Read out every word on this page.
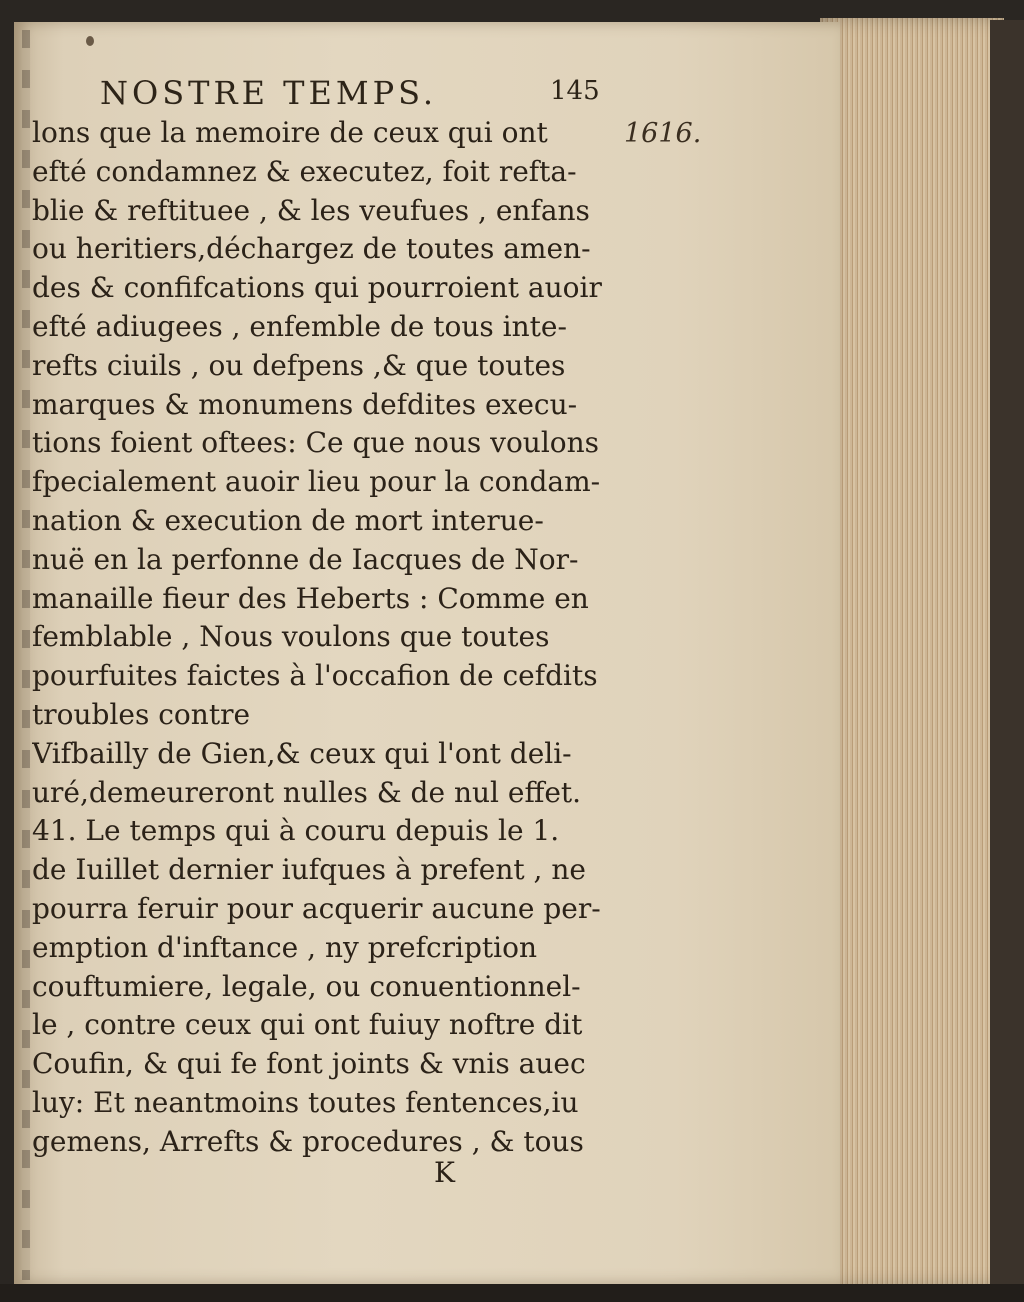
NOSTRE TEMPS.	145
1616.
lons que la memoire de ceux qui ont
efté condamnez & executez, foit refta-
blie & reftituee , & les veufues , enfans
ou heritiers,déchargez de toutes amen-
des & confifcations qui pourroient auoir
efté adiugees , enfemble de tous inte-
refts ciuils , ou defpens ,& que toutes
marques & monumens defdites execu-
tions foient oftees: Ce que nous voulons
fpecialement auoir lieu pour la condam-
nation & execution de mort interue-
nuë en la perfonne de Iacques de Nor-
manaille fieur des Heberts : Comme en
femblable , Nous voulons que toutes
pourfuites faictes à l'occafion de cefdits
troubles contre
Vifbailly de Gien,& ceux qui l'ont deli-
uré,demeureront nulles & de nul effet.
41. Le temps qui à couru depuis le 1.
de Iuillet dernier iufques à prefent , ne
pourra feruir pour acquerir aucune per-
emption d'inftance , ny prefcription
couftumiere, legale, ou conuentionnel-
le , contre ceux qui ont fuiuy noftre dit
Coufin, & qui fe font joints & vnis auec
luy: Et neantmoins toutes fentences,iu
gemens, Arrefts & procedures , & tous
K
